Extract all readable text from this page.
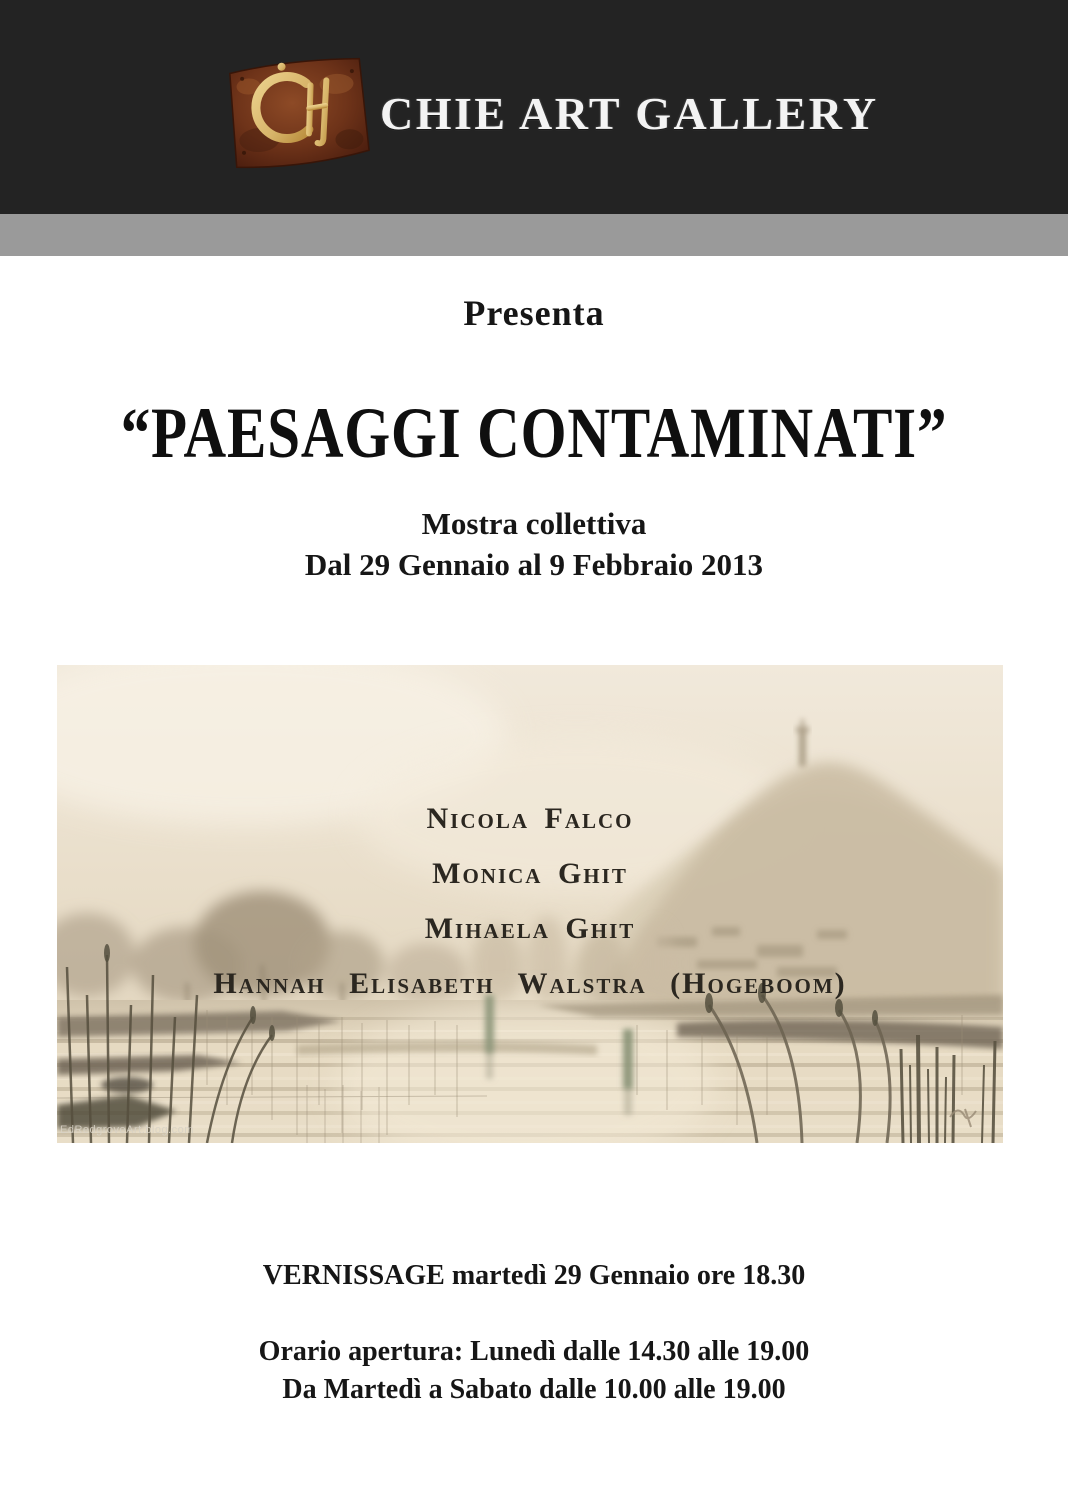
CHIE ART GALLERY
Presenta
“PAESAGGI CONTAMINATI”
Mostra collettiva
Dal 29 Gennaio al 9 Febbraio 2013
Nicola Falco
Monica Ghit
Mihaela Ghit
Hannah Elisabeth Walstra (Hogeboom)
EdRedgroveArt.blog.com
VERNISSAGE martedì 29 Gennaio ore 18.30
Orario apertura: Lunedì dalle 14.30 alle 19.00
Da Martedì a Sabato dalle 10.00 alle 19.00
